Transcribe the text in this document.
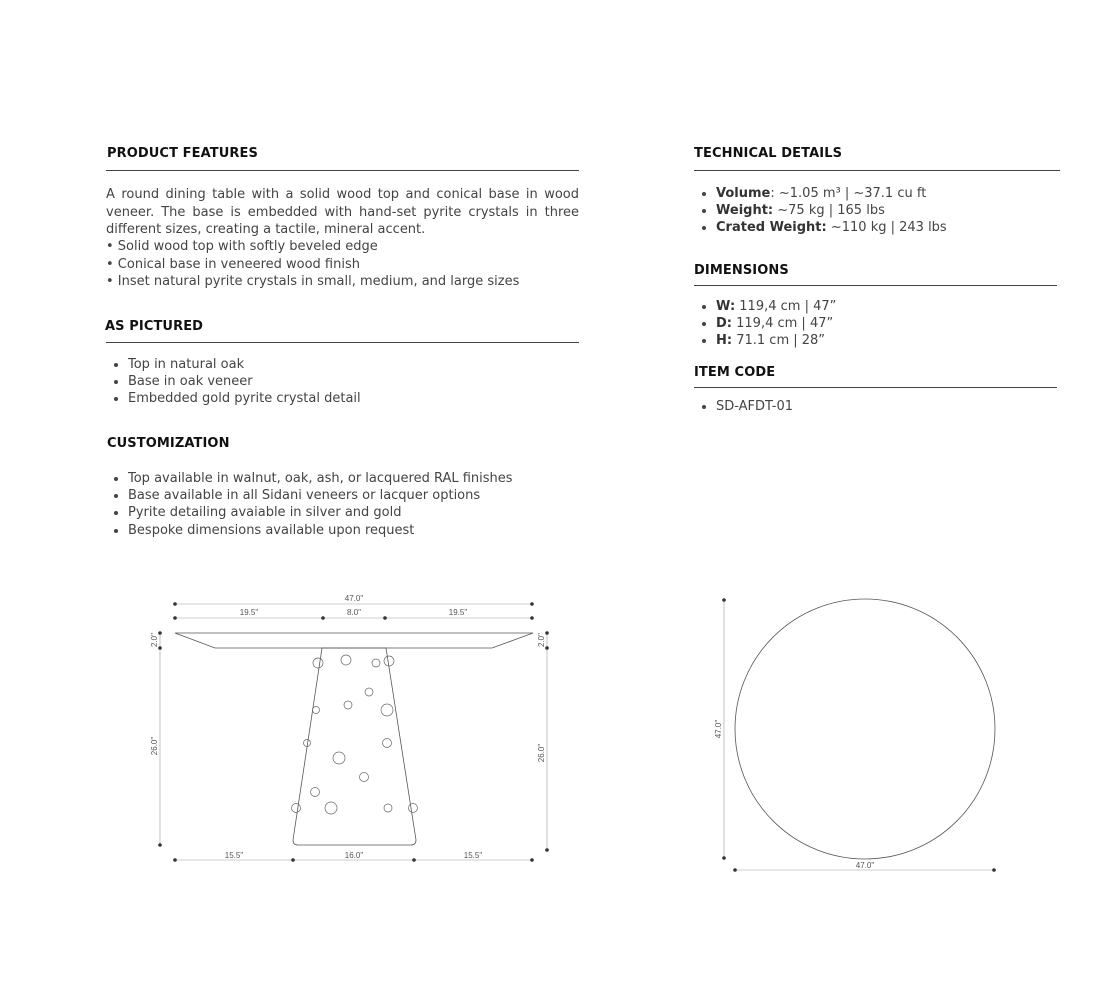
PRODUCT FEATURES

A round dining table with a solid wood top and conical base in wood veneer. The base is embedded with hand-set pyrite crystals in three different sizes, creating a tactile, mineral accent.

• Solid wood top with softly beveled edge
• Conical base in veneered wood finish
• Inset natural pyrite crystals in small, medium, and large sizes
AS PICTURED
• Top in natural oak
• Base in oak veneer
• Embedded gold pyrite crystal detail
CUSTOMIZATION
• Top available in walnut, oak, ash, or lacquered RAL finishes
• Base available in all Sidani veneers or lacquer options
• Pyrite detailing avaiable in silver and gold
• Bespoke dimensions available upon request
TECHNICAL DETAILS
• Volume: ~1.05 m³ | ~37.1 cu ft
• Weight: ~75 kg | 165 lbs
• Crated Weight: ~110 kg | 243 lbs
DIMENSIONS
• W: 119,4 cm | 47”
• D: 119,4 cm | 47”
• H: 71.1 cm | 28”
ITEM CODE
• SD-AFDT-01
47.0"
19.5"	8.0"	19.5"
15.5"	16.0"	15.5"
2.0"	2.0"
26.0"	26.0"
47.0"
47.0"
